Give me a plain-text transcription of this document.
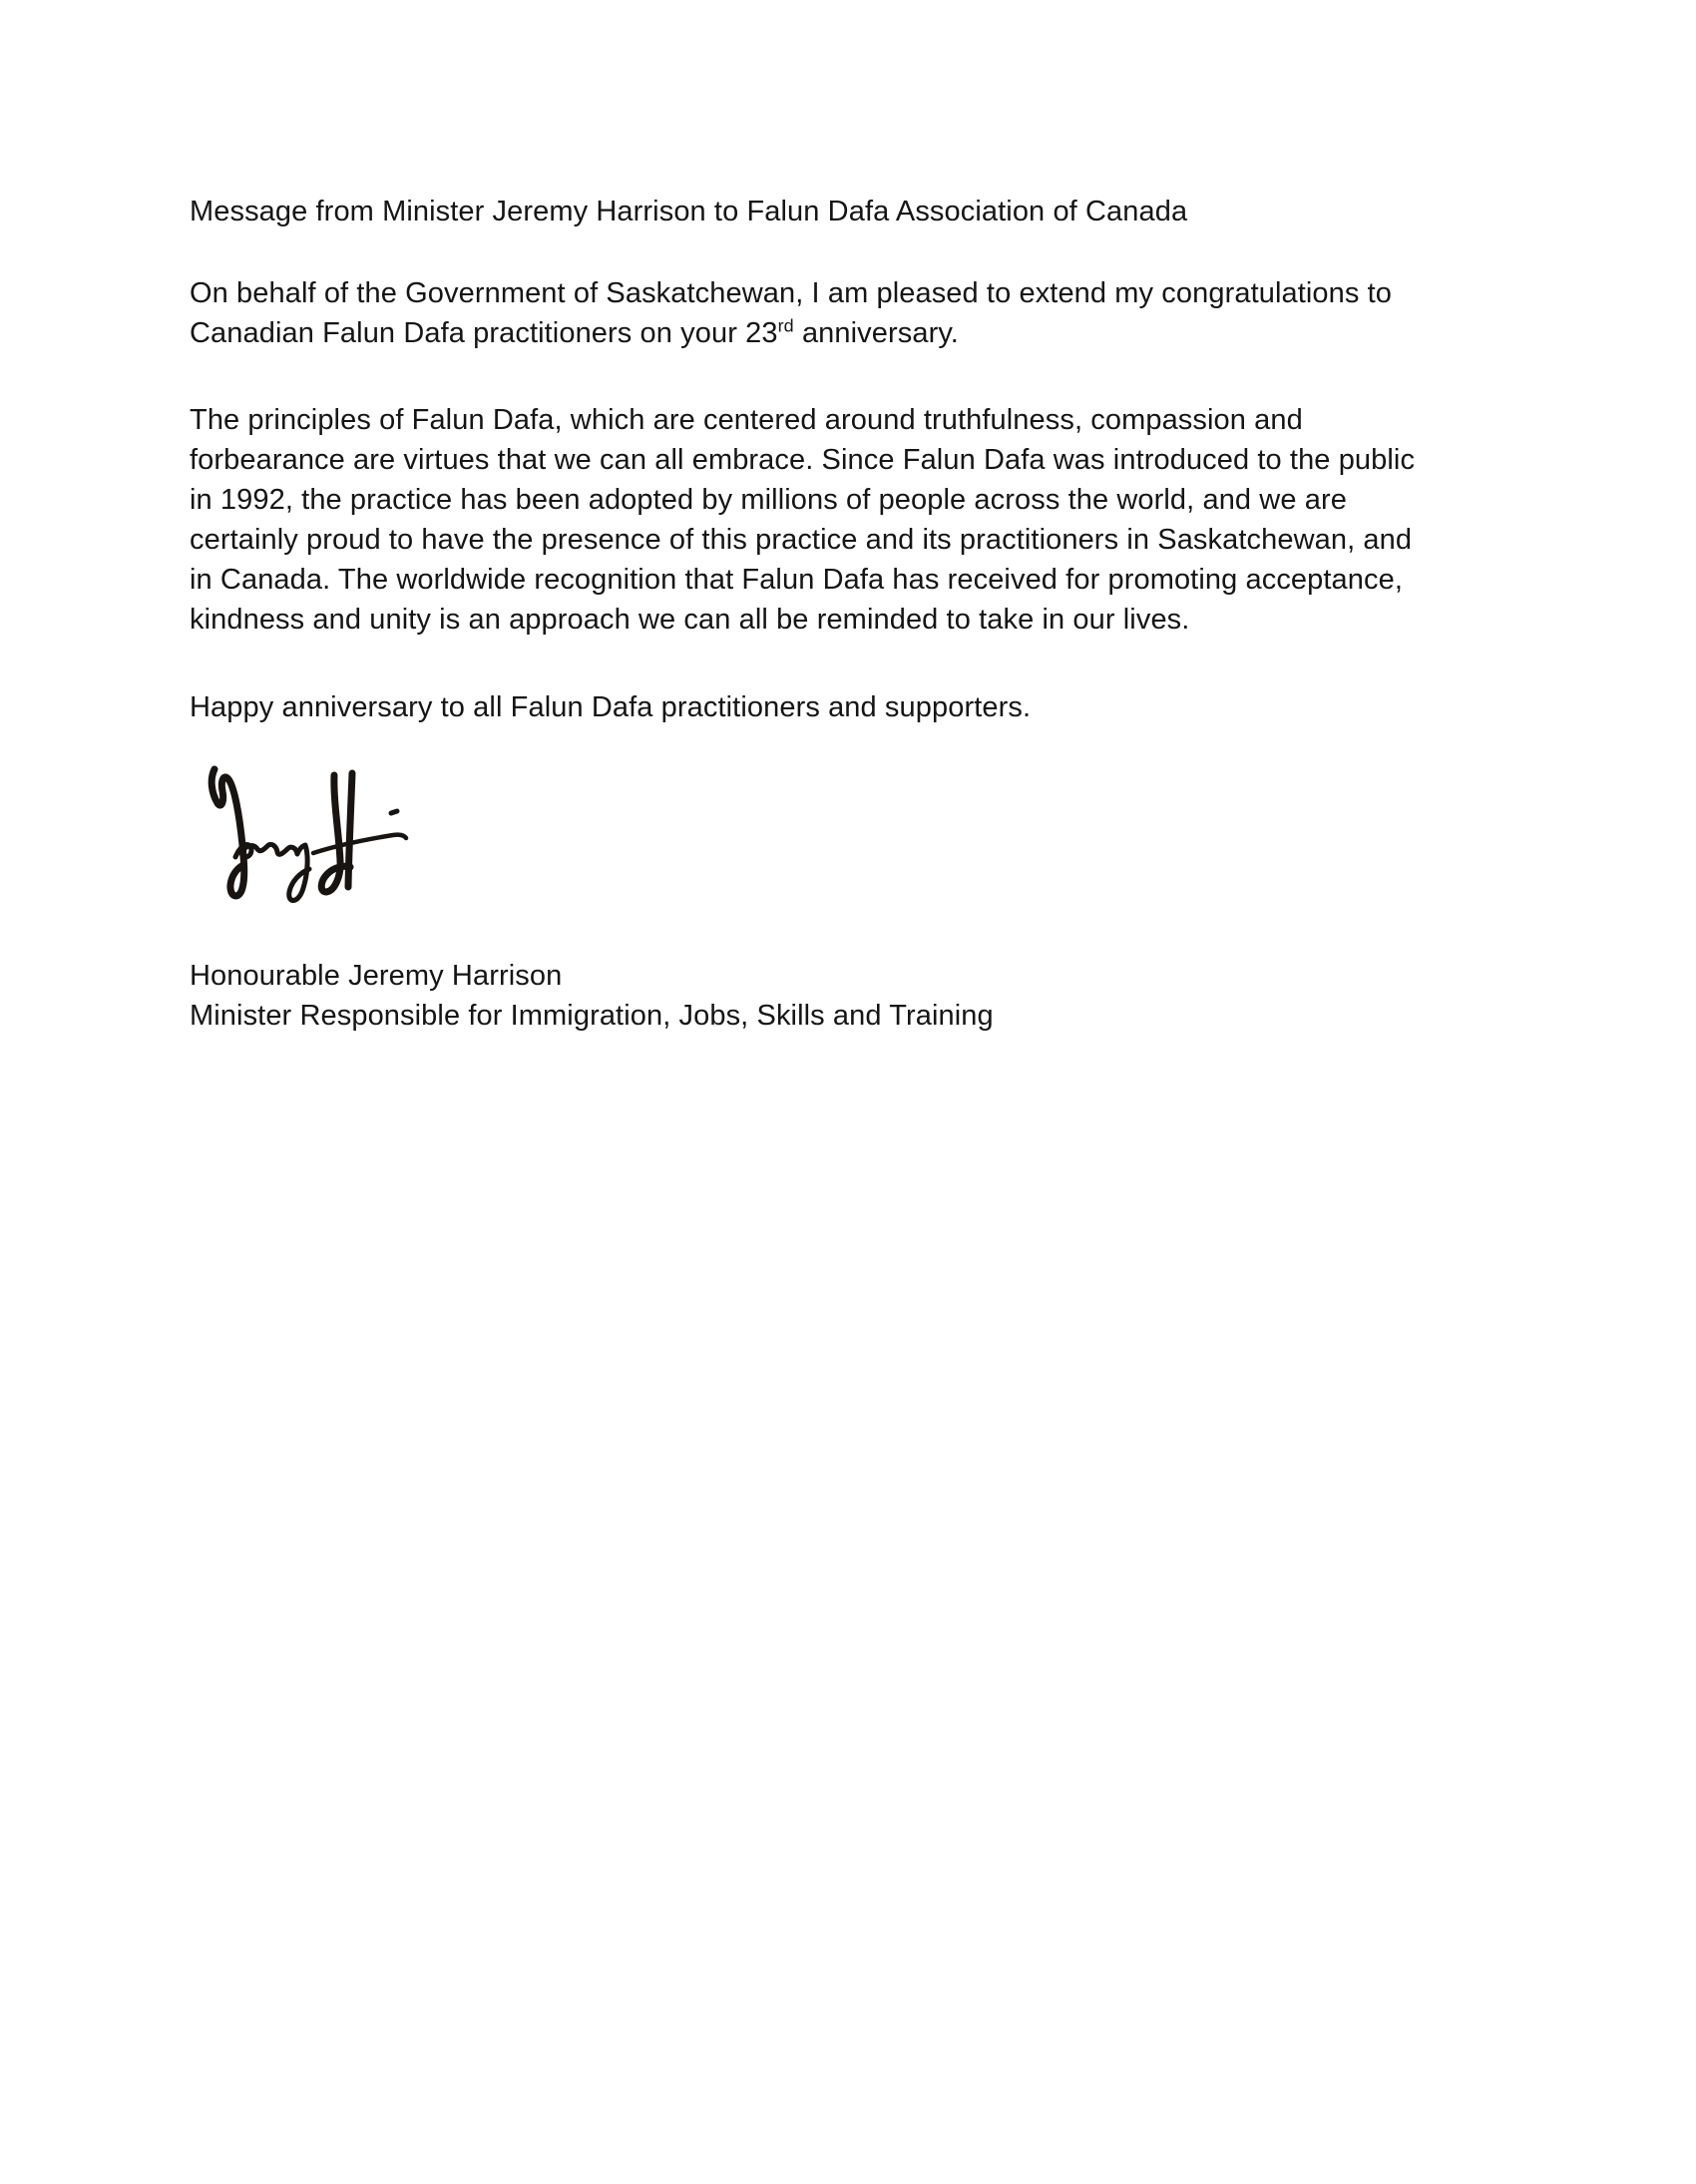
Message from Minister Jeremy Harrison to Falun Dafa Association of Canada
On behalf of the Government of Saskatchewan, I am pleased to extend my congratulations to
Canadian Falun Dafa practitioners on your 23rd anniversary.
The principles of Falun Dafa, which are centered around truthfulness, compassion and
forbearance are virtues that we can all embrace. Since Falun Dafa was introduced to the public
in 1992, the practice has been adopted by millions of people across the world, and we are
certainly proud to have the presence of this practice and its practitioners in Saskatchewan, and
in Canada. The worldwide recognition that Falun Dafa has received for promoting acceptance,
kindness and unity is an approach we can all be reminded to take in our lives.
Happy anniversary to all Falun Dafa practitioners and supporters.
Honourable Jeremy Harrison
Minister Responsible for Immigration, Jobs, Skills and Training
